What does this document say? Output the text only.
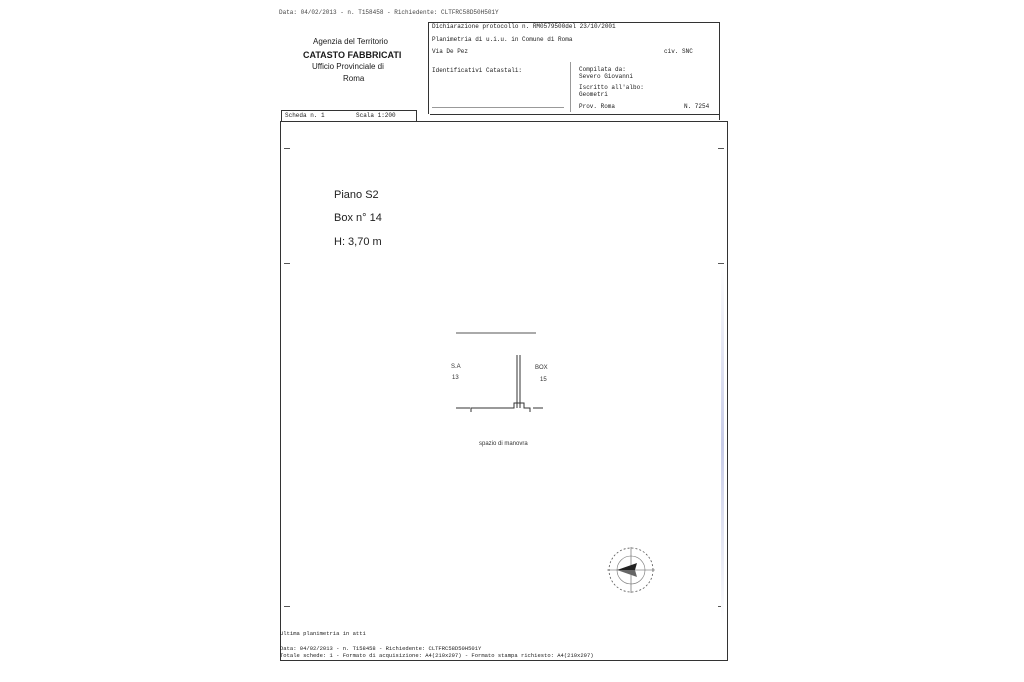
Data: 04/02/2013 - n. T158458 - Richiedente: CLTFRC58D50H501Y
Agenzia del Territorio
CATASTO FABBRICATI
Ufficio Provinciale di
Roma
Dichiarazione protocollo n. RM0579500del 23/10/2001
Planimetria di u.i.u. in Comune di Roma
Via De Pez	civ. SNC
Identificativi Catastali:	Compilata da:
Severo Giovanni
Iscritto all'albo:
Geometri
Prov. Roma	N. 7254
Scheda n. 1	Scala 1:200
Piano S2
Box n° 14
H: 3,70 m
S.A
13
BOX
15
spazio di manovra
Ultima planimetria in atti
Data: 04/02/2013 - n. T158458 - Richiedente: CLTFRC58D50H501Y
Totale schede: 1 - Formato di acquisizione: A4(210x297) - Formato stampa richiesto: A4(210x297)
